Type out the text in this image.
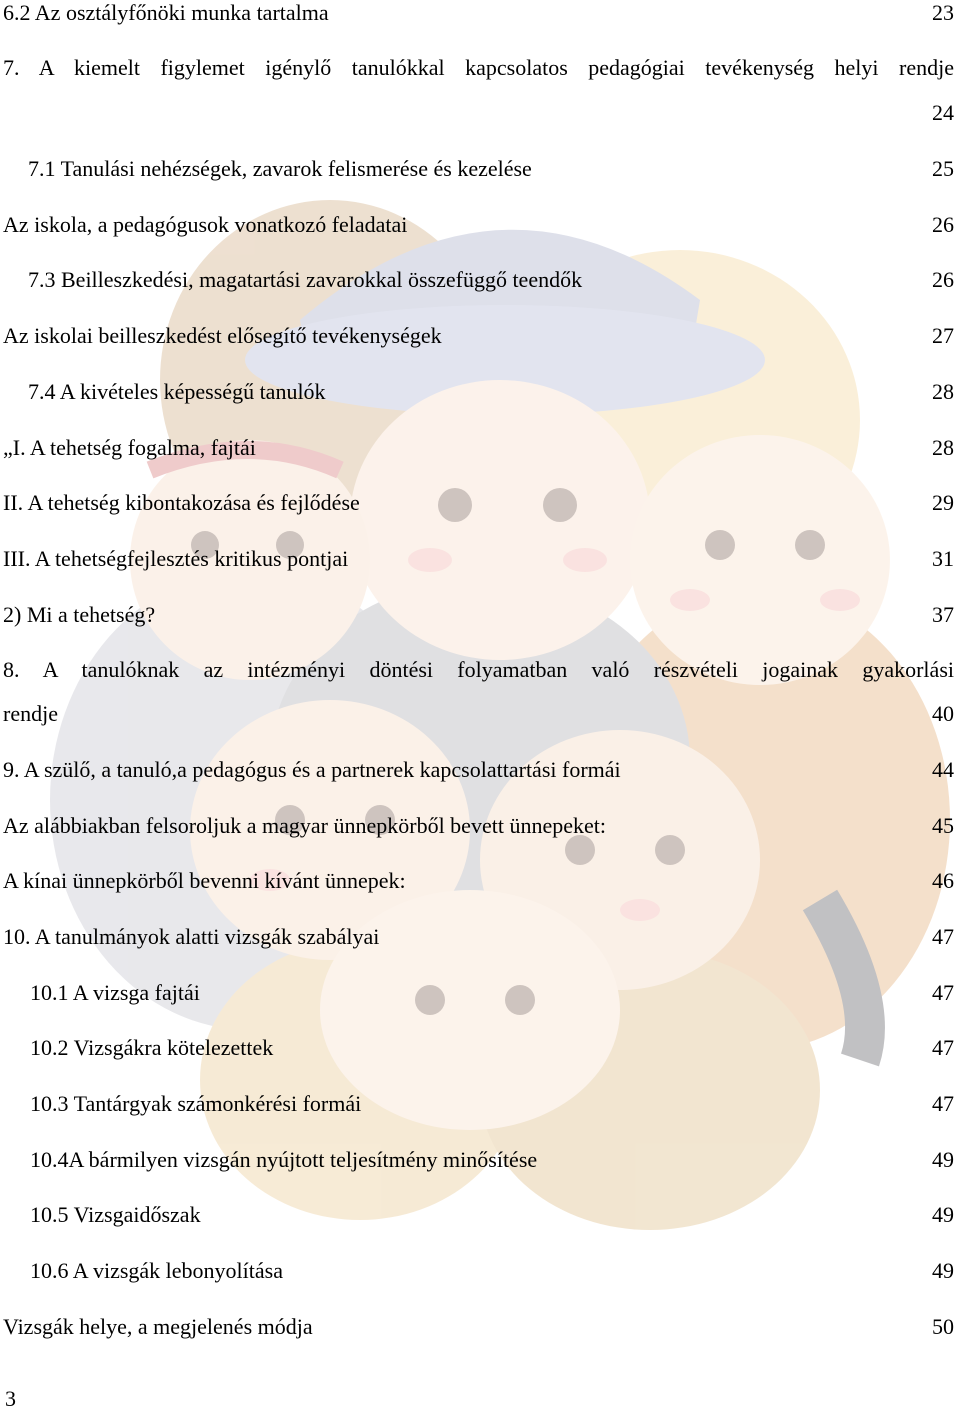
6.2 Az osztályfőnöki munka tartalma	23
7. A kiemelt figylemet igénylő tanulókkal kapcsolatos pedagógiai tevékenység helyi rendje
24
7.1 Tanulási nehézségek, zavarok felismerése és kezelése	25
Az iskola, a pedagógusok vonatkozó feladatai	26
7.3 Beilleszkedési, magatartási zavarokkal összefüggő teendők	26
Az iskolai beilleszkedést elősegítő tevékenységek	27
7.4 A kivételes képességű tanulók	28
„I. A tehetség fogalma, fajtái	28
II. A tehetség kibontakozása és fejlődése	29
III. A tehetségfejlesztés kritikus pontjai	31
2) Mi a tehetség?	37
8. A tanulóknak az intézményi döntési folyamatban való részvételi jogainak gyakorlási
rendje	40
9. A szülő, a tanuló,a pedagógus és a partnerek kapcsolattartási formái	44
Az alábbiakban felsoroljuk a magyar ünnepkörből bevett ünnepeket:	45
A kínai ünnepkörből bevenni kívánt ünnepek:	46
10. A tanulmányok alatti vizsgák szabályai	47
10.1 A vizsga fajtái	47
10.2 Vizsgákra kötelezettek	47
10.3 Tantárgyak számonkérési formái	47
10.4A bármilyen vizsgán nyújtott teljesítmény minősítése	49
10.5 Vizsgaidőszak	49
10.6 A vizsgák lebonyolítása	49
Vizsgák helye, a megjelenés módja	50
3
